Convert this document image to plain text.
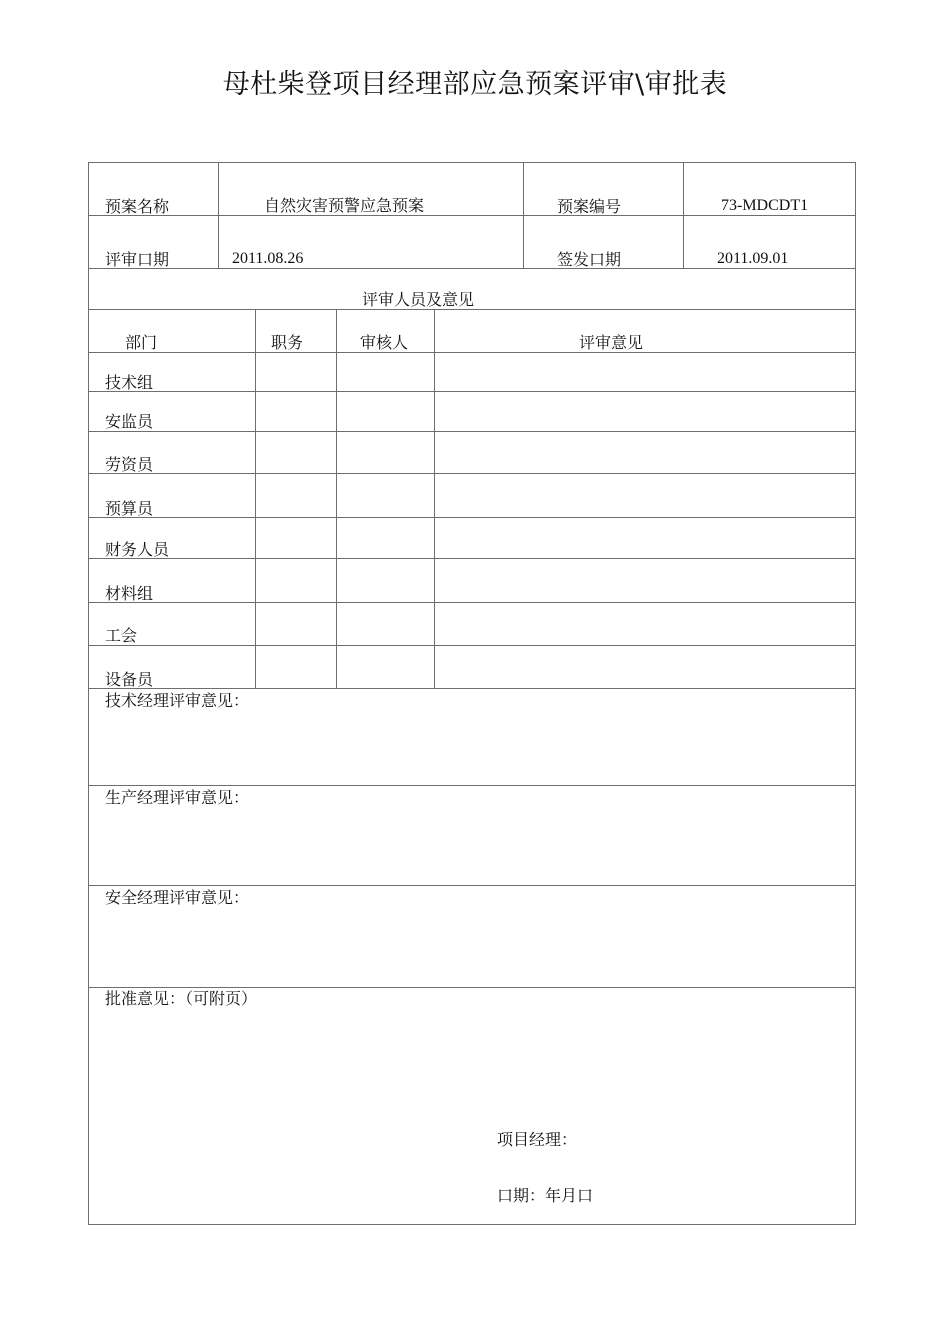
母杜柴登项目经理部应急预案评审\审批表
预案名称	自然灾害预警应急预案	预案编号	73-MDCDT1
评审口期	2011.08.26	签发口期	2011.09.01
评审人员及意见
部门	职务	审核人	评审意见
技术组
安监员
劳资员
预算员
财务人员
材料组
工会
设备员
技术经理评审意见：
生产经理评审意见：
安全经理评审意见：
批准意见：（可附页）
项目经理：
口期：年月口
